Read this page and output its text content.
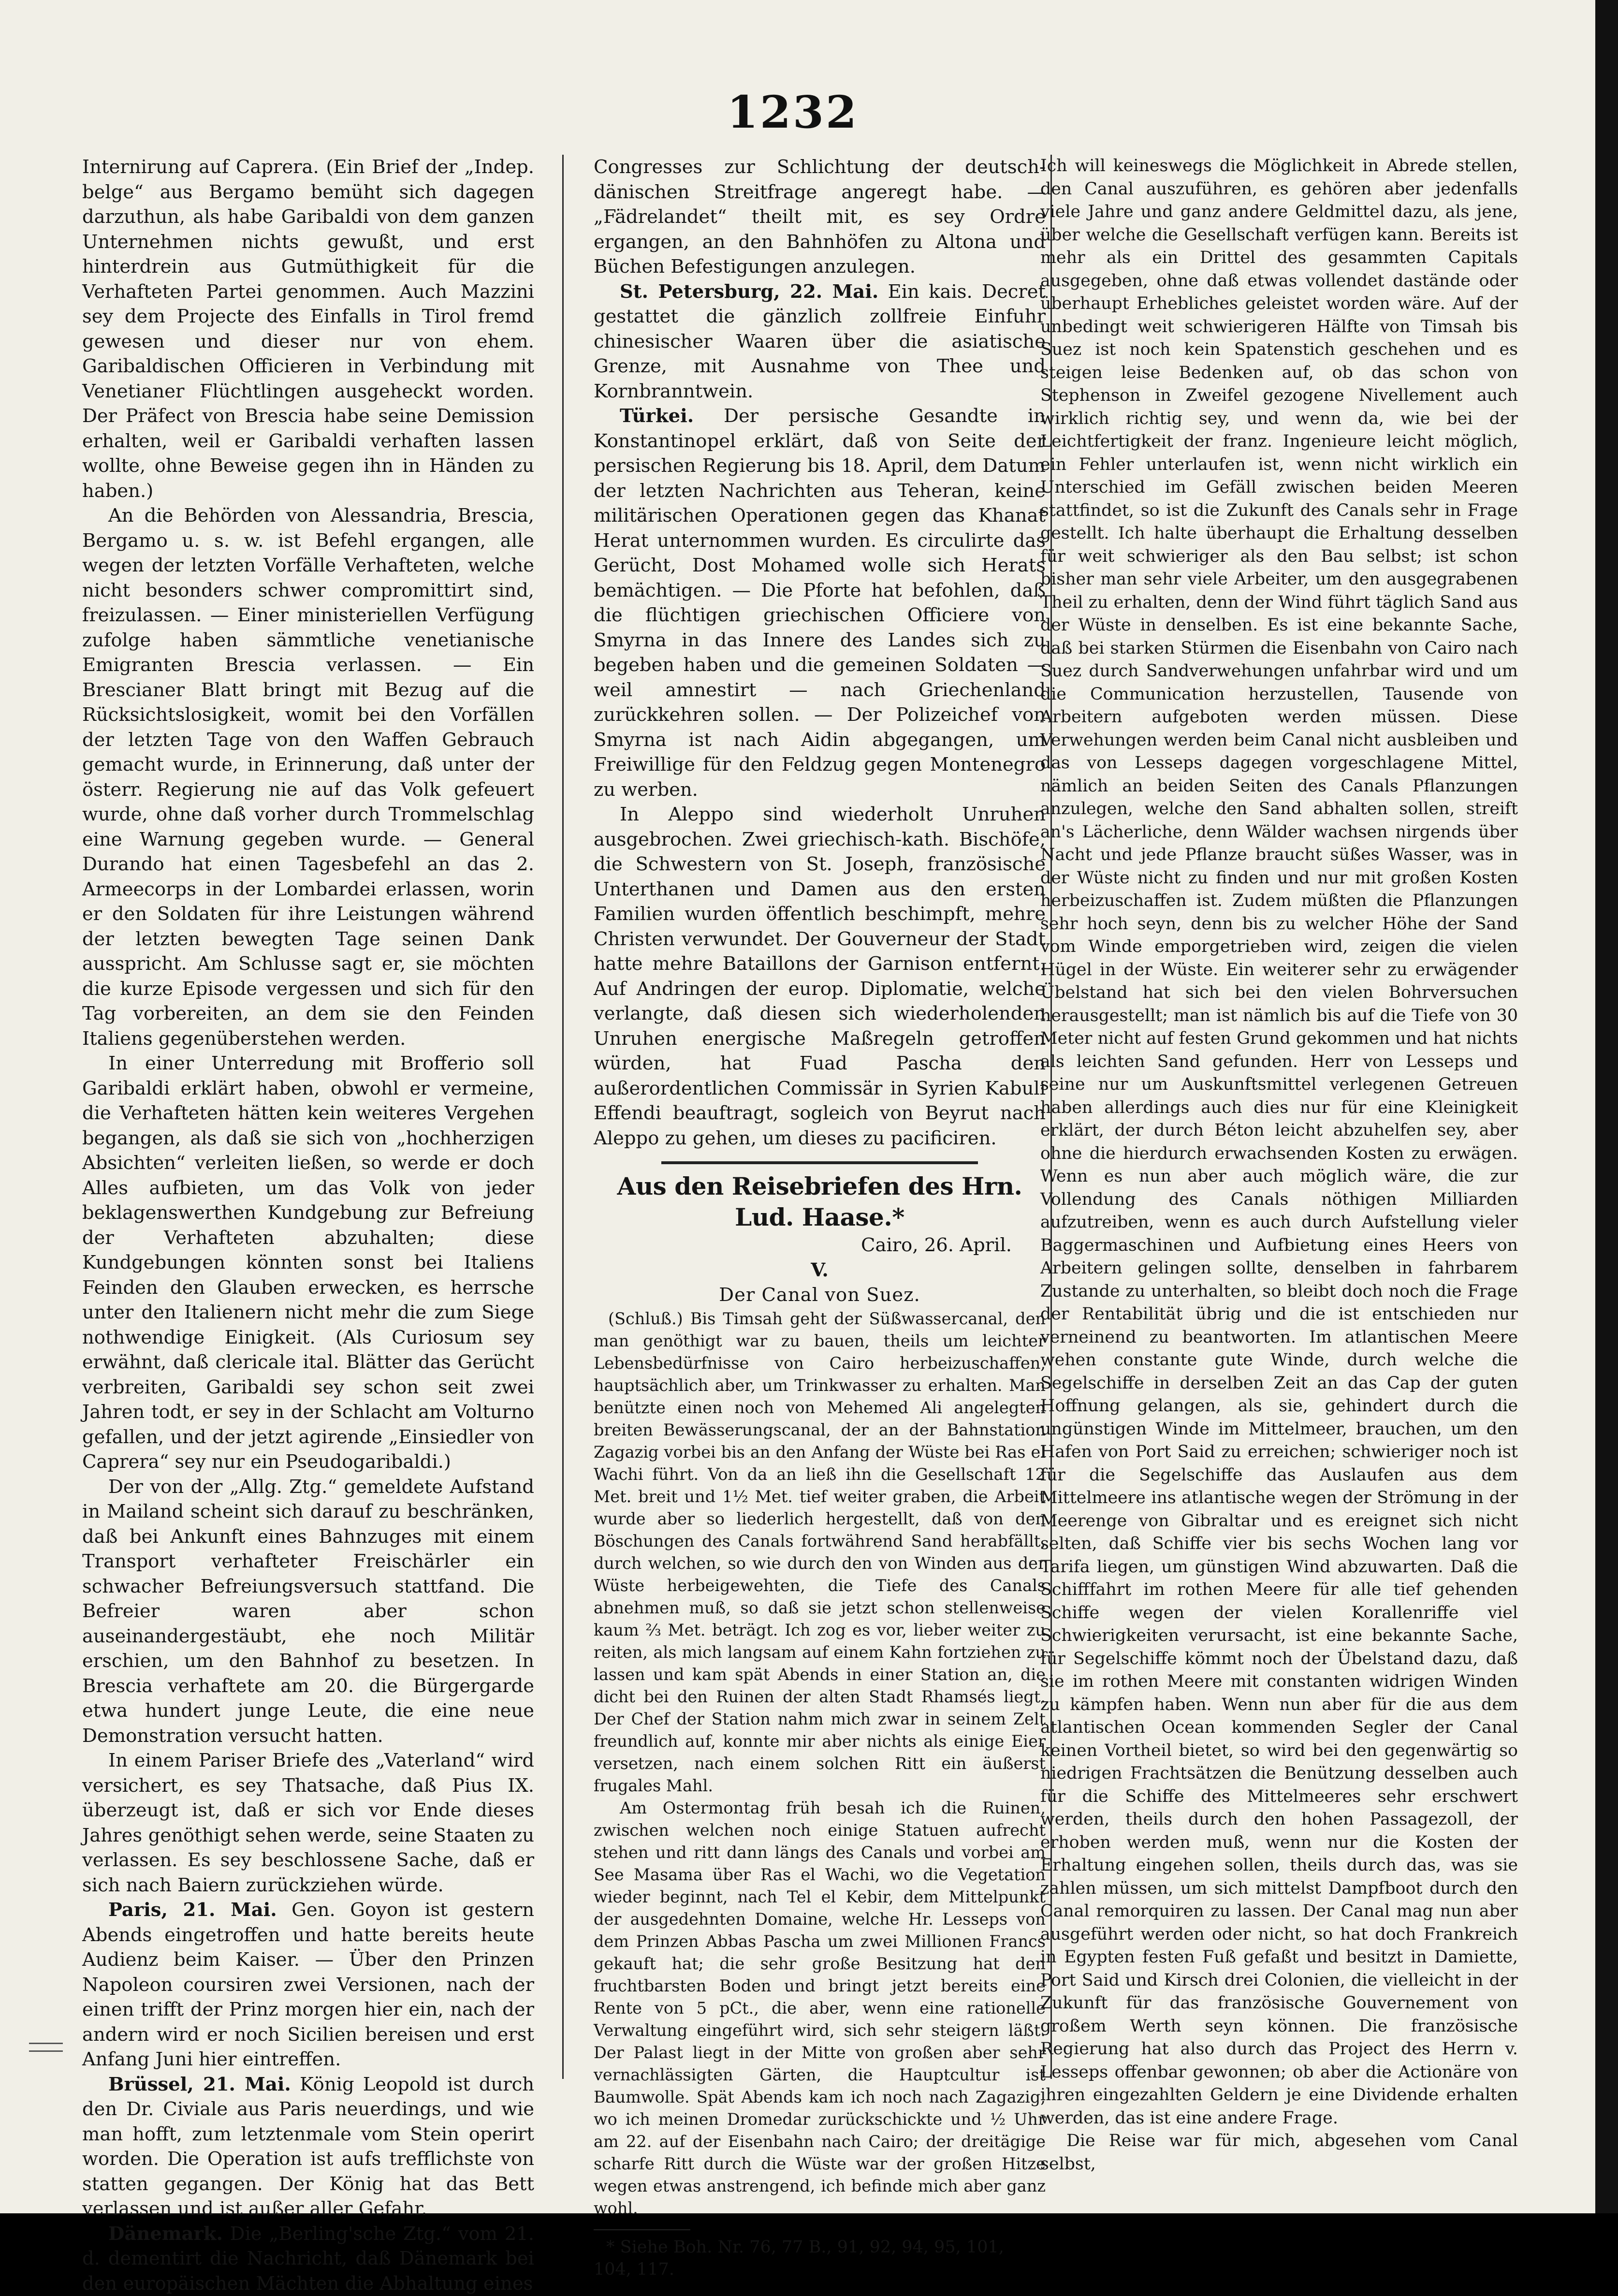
1232

Internirung auf Caprera. (Ein Brief der „Indep. belge“ aus Bergamo bemüht sich dagegen darzuthun, als habe Garibaldi von dem ganzen Unternehmen nichts gewußt, und erst hinterdrein aus Gutmüthigkeit für die Verhafteten Partei genommen. Auch Mazzini sey dem Projecte des Einfalls in Tirol fremd gewesen und dieser nur von ehem. Garibaldischen Officieren in Verbindung mit Venetianer Flüchtlingen ausgeheckt worden. Der Präfect von Brescia habe seine Demission erhalten, weil er Garibaldi verhaften lassen wollte, ohne Beweise gegen ihn in Händen zu haben.)

An die Behörden von Alessandria, Brescia, Bergamo u. s. w. ist Befehl ergangen, alle wegen der letzten Vorfälle Verhafteten, welche nicht besonders schwer compromittirt sind, freizulassen. — Einer ministeriellen Verfügung zufolge haben sämmtliche venetianische Emigranten Brescia verlassen. — Ein Brescianer Blatt bringt mit Bezug auf die Rücksichtslosigkeit, womit bei den Vorfällen der letzten Tage von den Waffen Gebrauch gemacht wurde, in Erinnerung, daß unter der österr. Regierung nie auf das Volk gefeuert wurde, ohne daß vorher durch Trommelschlag eine Warnung gegeben wurde. — General Durando hat einen Tagesbefehl an das 2. Armeecorps in der Lombardei erlassen, worin er den Soldaten für ihre Leistungen während der letzten bewegten Tage seinen Dank ausspricht. Am Schlusse sagt er, sie möchten die kurze Episode vergessen und sich für den Tag vorbereiten, an dem sie den Feinden Italiens gegenüberstehen werden.

In einer Unterredung mit Brofferio soll Garibaldi erklärt haben, obwohl er vermeine, die Verhafteten hätten kein weiteres Vergehen begangen, als daß sie sich von „hochherzigen Absichten“ verleiten ließen, so werde er doch Alles aufbieten, um das Volk von jeder beklagenswerthen Kundgebung zur Befreiung der Verhafteten abzuhalten; diese Kundgebungen könnten sonst bei Italiens Feinden den Glauben erwecken, es herrsche unter den Italienern nicht mehr die zum Siege nothwendige Einigkeit. (Als Curiosum sey erwähnt, daß clericale ital. Blätter das Gerücht verbreiten, Garibaldi sey schon seit zwei Jahren todt, er sey in der Schlacht am Volturno gefallen, und der jetzt agirende „Einsiedler von Caprera“ sey nur ein Pseudogaribaldi.)

Der von der „Allg. Ztg.“ gemeldete Aufstand in Mailand scheint sich darauf zu beschränken, daß bei Ankunft eines Bahnzuges mit einem Transport verhafteter Freischärler ein schwacher Befreiungsversuch stattfand. Die Befreier waren aber schon auseinandergestäubt, ehe noch Militär erschien, um den Bahnhof zu besetzen. In Brescia verhaftete am 20. die Bürgergarde etwa hundert junge Leute, die eine neue Demonstration versucht hatten.

In einem Pariser Briefe des „Vaterland“ wird versichert, es sey Thatsache, daß Pius IX. überzeugt ist, daß er sich vor Ende dieses Jahres genöthigt sehen werde, seine Staaten zu verlassen. Es sey beschlossene Sache, daß er sich nach Baiern zurückziehen würde.

Paris, 21. Mai. Gen. Goyon ist gestern Abends eingetroffen und hatte bereits heute Audienz beim Kaiser. — Über den Prinzen Napoleon coursiren zwei Versionen, nach der einen trifft der Prinz morgen hier ein, nach der andern wird er noch Sicilien bereisen und erst Anfang Juni hier eintreffen.

Brüssel, 21. Mai. König Leopold ist durch den Dr. Civiale aus Paris neuerdings, und wie man hofft, zum letztenmale vom Stein operirt worden. Die Operation ist aufs trefflichste von statten gegangen. Der König hat das Bett verlassen und ist außer aller Gefahr.

Dänemark. Die „Berling'sche Ztg.“ vom 21. d. dementirt die Nachricht, daß Dänemark bei den europäischen Mächten die Abhaltung eines

Congresses zur Schlichtung der deutsch-dänischen Streitfrage angeregt habe. — „Fädrelandet“ theilt mit, es sey Ordre ergangen, an den Bahnhöfen zu Altona und Büchen Befestigungen anzulegen.

St. Petersburg, 22. Mai. Ein kais. Decret gestattet die gänzlich zollfreie Einfuhr chinesischer Waaren über die asiatische Grenze, mit Ausnahme von Thee und Kornbranntwein.

Türkei. Der persische Gesandte in Konstantinopel erklärt, daß von Seite der persischen Regierung bis 18. April, dem Datum der letzten Nachrichten aus Teheran, keine militärischen Operationen gegen das Khanat Herat unternommen wurden. Es circulirte das Gerücht, Dost Mohamed wolle sich Herats bemächtigen. — Die Pforte hat befohlen, daß die flüchtigen griechischen Officiere von Smyrna in das Innere des Landes sich zu begeben haben und die gemeinen Soldaten — weil amnestirt — nach Griechenland zurückkehren sollen. — Der Polizeichef von Smyrna ist nach Aidin abgegangen, um Freiwillige für den Feldzug gegen Montenegro zu werben.

In Aleppo sind wiederholt Unruhen ausgebrochen. Zwei griechisch-kath. Bischöfe, die Schwestern von St. Joseph, französische Unterthanen und Damen aus den ersten Familien wurden öffentlich beschimpft, mehre Christen verwundet. Der Gouverneur der Stadt hatte mehre Bataillons der Garnison entfernt. Auf Andringen der europ. Diplomatie, welche verlangte, daß diesen sich wiederholenden Unruhen energische Maßregeln getroffen würden, hat Fuad Pascha den außerordentlichen Commissär in Syrien Kabuli Effendi beauftragt, sogleich von Beyrut nach Aleppo zu gehen, um dieses zu pacificiren.

Aus den Reisebriefen des Hrn. Lud. Haase.*
Cairo, 26. April.
V.
Der Canal von Suez.

(Schluß.) Bis Timsah geht der Süßwassercanal, den man genöthigt war zu bauen, theils um leichter Lebensbedürfnisse von Cairo herbeizuschaffen, hauptsächlich aber, um Trinkwasser zu erhalten. Man benützte einen noch von Mehemed Ali angelegten breiten Bewässerungscanal, der an der Bahnstation Zagazig vorbei bis an den Anfang der Wüste bei Ras el Wachi führt. Von da an ließ ihn die Gesellschaft 12 Met. breit und 1½ Met. tief weiter graben, die Arbeit wurde aber so liederlich hergestellt, daß von den Böschungen des Canals fortwährend Sand herabfällt, durch welchen, so wie durch den von Winden aus der Wüste herbeigewehten, die Tiefe des Canals abnehmen muß, so daß sie jetzt schon stellenweise kaum ⅔ Met. beträgt. Ich zog es vor, lieber weiter zu reiten, als mich langsam auf einem Kahn fortziehen zu lassen und kam spät Abends in einer Station an, die dicht bei den Ruinen der alten Stadt Rhamsés liegt. Der Chef der Station nahm mich zwar in seinem Zelt freundlich auf, konnte mir aber nichts als einige Eier versetzen, nach einem solchen Ritt ein äußerst frugales Mahl.

Am Ostermontag früh besah ich die Ruinen, zwischen welchen noch einige Statuen aufrecht stehen und ritt dann längs des Canals und vorbei am See Masama über Ras el Wachi, wo die Vegetation wieder beginnt, nach Tel el Kebir, dem Mittelpunkt der ausgedehnten Domaine, welche Hr. Lesseps von dem Prinzen Abbas Pascha um zwei Millionen Francs gekauft hat; die sehr große Besitzung hat den fruchtbarsten Boden und bringt jetzt bereits eine Rente von 5 pCt., die aber, wenn eine rationelle Verwaltung eingeführt wird, sich sehr steigern läßt. Der Palast liegt in der Mitte von großen aber sehr vernachlässigten Gärten, die Hauptcultur ist Baumwolle. Spät Abends kam ich noch nach Zagazig, wo ich meinen Dromedar zurückschickte und ½ Uhr am 22. auf der Eisenbahn nach Cairo; der dreitägige scharfe Ritt durch die Wüste war der großen Hitze wegen etwas anstrengend, ich befinde mich aber ganz wohl.

* Siehe Boh. Nr. 76, 77 B., 91, 92, 94, 95, 101, 104, 117.

Ich will keineswegs die Möglichkeit in Abrede stellen, den Canal auszuführen, es gehören aber jedenfalls viele Jahre und ganz andere Geldmittel dazu, als jene, über welche die Gesellschaft verfügen kann. Bereits ist mehr als ein Drittel des gesammten Capitals ausgegeben, ohne daß etwas vollendet dastände oder überhaupt Erhebliches geleistet worden wäre. Auf der unbedingt weit schwierigeren Hälfte von Timsah bis Suez ist noch kein Spatenstich geschehen und es steigen leise Bedenken auf, ob das schon von Stephenson in Zweifel gezogene Nivellement auch wirklich richtig sey, und wenn da, wie bei der Leichtfertigkeit der franz. Ingenieure leicht möglich, ein Fehler unterlaufen ist, wenn nicht wirklich ein Unterschied im Gefäll zwischen beiden Meeren stattfindet, so ist die Zukunft des Canals sehr in Frage gestellt. Ich halte überhaupt die Erhaltung desselben für weit schwieriger als den Bau selbst; ist schon bisher man sehr viele Arbeiter, um den ausgegrabenen Theil zu erhalten, denn der Wind führt täglich Sand aus der Wüste in denselben. Es ist eine bekannte Sache, daß bei starken Stürmen die Eisenbahn von Cairo nach Suez durch Sandverwehungen unfahrbar wird und um die Communication herzustellen, Tausende von Arbeitern aufgeboten werden müssen. Diese Verwehungen werden beim Canal nicht ausbleiben und das von Lesseps dagegen vorgeschlagene Mittel, nämlich an beiden Seiten des Canals Pflanzungen anzulegen, welche den Sand abhalten sollen, streift an's Lächerliche, denn Wälder wachsen nirgends über Nacht und jede Pflanze braucht süßes Wasser, was in der Wüste nicht zu finden und nur mit großen Kosten herbeizuschaffen ist. Zudem müßten die Pflanzungen sehr hoch seyn, denn bis zu welcher Höhe der Sand vom Winde emporgetrieben wird, zeigen die vielen Hügel in der Wüste. Ein weiterer sehr zu erwägender Übelstand hat sich bei den vielen Bohrversuchen herausgestellt; man ist nämlich bis auf die Tiefe von 30 Meter nicht auf festen Grund gekommen und hat nichts als leichten Sand gefunden. Herr von Lesseps und seine nur um Auskunftsmittel verlegenen Getreuen haben allerdings auch dies nur für eine Kleinigkeit erklärt, der durch Béton leicht abzuhelfen sey, aber ohne die hierdurch erwachsenden Kosten zu erwägen. Wenn es nun aber auch möglich wäre, die zur Vollendung des Canals nöthigen Milliarden aufzutreiben, wenn es auch durch Aufstellung vieler Baggermaschinen und Aufbietung eines Heers von Arbeitern gelingen sollte, denselben in fahrbarem Zustande zu unterhalten, so bleibt doch noch die Frage der Rentabilität übrig und die ist entschieden nur verneinend zu beantworten. Im atlantischen Meere wehen constante gute Winde, durch welche die Segelschiffe in derselben Zeit an das Cap der guten Hoffnung gelangen, als sie, gehindert durch die ungünstigen Winde im Mittelmeer, brauchen, um den Hafen von Port Said zu erreichen; schwieriger noch ist für die Segelschiffe das Auslaufen aus dem Mittelmeere ins atlantische wegen der Strömung in der Meerenge von Gibraltar und es ereignet sich nicht selten, daß Schiffe vier bis sechs Wochen lang vor Tarifa liegen, um günstigen Wind abzuwarten. Daß die Schifffahrt im rothen Meere für alle tief gehenden Schiffe wegen der vielen Korallenriffe viel Schwierigkeiten verursacht, ist eine bekannte Sache, für Segelschiffe kömmt noch der Übelstand dazu, daß sie im rothen Meere mit constanten widrigen Winden zu kämpfen haben. Wenn nun aber für die aus dem atlantischen Ocean kommenden Segler der Canal keinen Vortheil bietet, so wird bei den gegenwärtig so niedrigen Frachtsätzen die Benützung desselben auch für die Schiffe des Mittelmeeres sehr erschwert werden, theils durch den hohen Passagezoll, der erhoben werden muß, wenn nur die Kosten der Erhaltung eingehen sollen, theils durch das, was sie zahlen müssen, um sich mittelst Dampfboot durch den Canal remorquiren zu lassen. Der Canal mag nun aber ausgeführt werden oder nicht, so hat doch Frankreich in Egypten festen Fuß gefaßt und besitzt in Damiette, Port Said und Kirsch drei Colonien, die vielleicht in der Zukunft für das französische Gouvernement von großem Werth seyn können. Die französische Regierung hat also durch das Project des Herrn v. Lesseps offenbar gewonnen; ob aber die Actionäre von ihren eingezahlten Geldern je eine Dividende erhalten werden, das ist eine andere Frage.

Die Reise war für mich, abgesehen vom Canal selbst,
